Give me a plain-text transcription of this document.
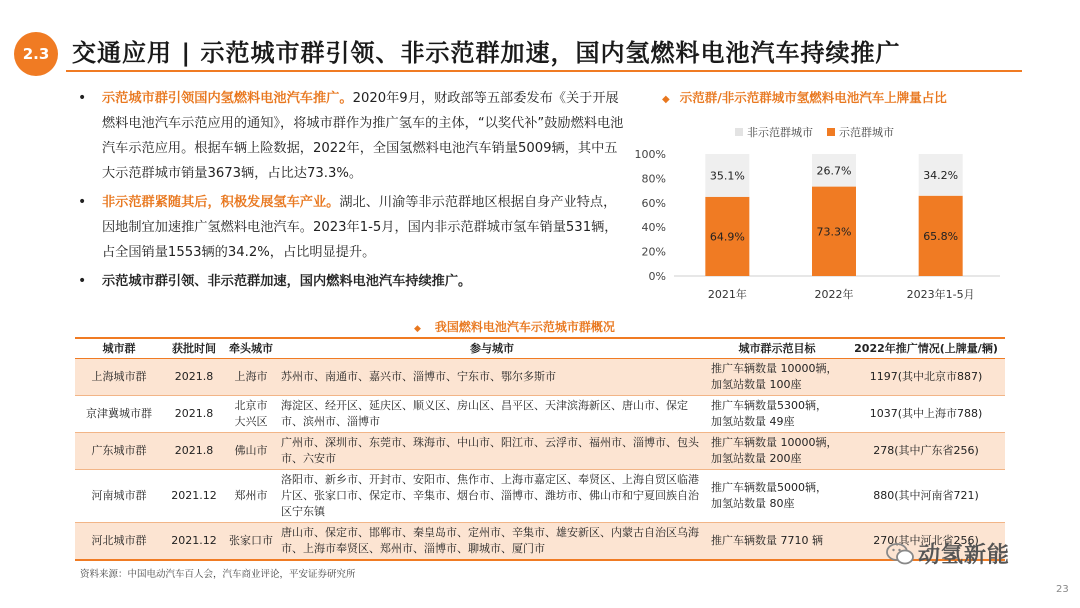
2.3 交通应用 | 示范城市群引领、非示范群加速，国内氢燃料电池汽车持续推广
• 示范城市群引领国内氢燃料电池汽车推广。2020年9月，财政部等五部委发布《关于开展燃料电池汽车示范应用的通知》，将城市群作为推广氢车的主体，“以奖代补”鼓励燃料电池汽车示范应用。根据车辆上险数据，2022年，全国氢燃料电池汽车销量5009辆，其中五大示范群城市销量3673辆，占比达73.3%。
• 非示范群紧随其后，积极发展氢车产业。湖北、川渝等非示范群地区根据自身产业特点，因地制宜加速推广氢燃料电池汽车。2023年1-5月，国内非示范群城市氢车销量531辆，占全国销量1553辆的34.2%，占比明显提升。
• 示范城市群引领、非示范群加速，国内燃料电池汽车持续推广。
◆ 示范群/非示范群城市氢燃料电池汽车上牌量占比
非示范群城市	示范群城市
0%
20%
40%
60%
80%
100%
64.9%
35.1%
2021年
73.3%
26.7%
2022年
65.8%
34.2%
2023年1-5月
◆ 我国燃料电池汽车示范城市群概况
城市群	获批时间	牵头城市	参与城市	城市群示范目标	2022年推广情况(上牌量/辆)
上海城市群	2021.8	上海市	苏州市、南通市、嘉兴市、淄博市、宁东市、鄂尔多斯市	推广车辆数量 10000辆，
加氢站数量 100座	1197(其中北京市887)
京津冀城市群	2021.8	北京市
大兴区	海淀区、经开区、延庆区、顺义区、房山区、昌平区、天津滨海新区、唐山市、保定市、滨州市、淄博市	推广车辆数量5300辆，
加氢站数量 49座	1037(其中上海市788)
广东城市群	2021.8	佛山市	广州市、深圳市、东莞市、珠海市、中山市、阳江市、云浮市、福州市、淄博市、包头市、六安市	推广车辆数量 10000辆，
加氢站数量 200座	278(其中广东省256)
河南城市群	2021.12	郑州市	洛阳市、新乡市、开封市、安阳市、焦作市、上海市嘉定区、奉贤区、上海自贸区临港片区、张家口市、保定市、辛集市、烟台市、淄博市、潍坊市、佛山市和宁夏回族自治区宁东镇	推广车辆数量5000辆，
加氢站数量 80座	880(其中河南省721)
河北城市群	2021.12	张家口市	唐山市、保定市、邯郸市、秦皇岛市、定州市、辛集市、雄安新区、内蒙古自治区乌海市、上海市奉贤区、郑州市、淄博市、聊城市、厦门市	推广车辆数量 7710 辆	270(其中河北省256)
资料来源：中国电动汽车百人会，汽车商业评论，平安证券研究所
动氢新能
23
